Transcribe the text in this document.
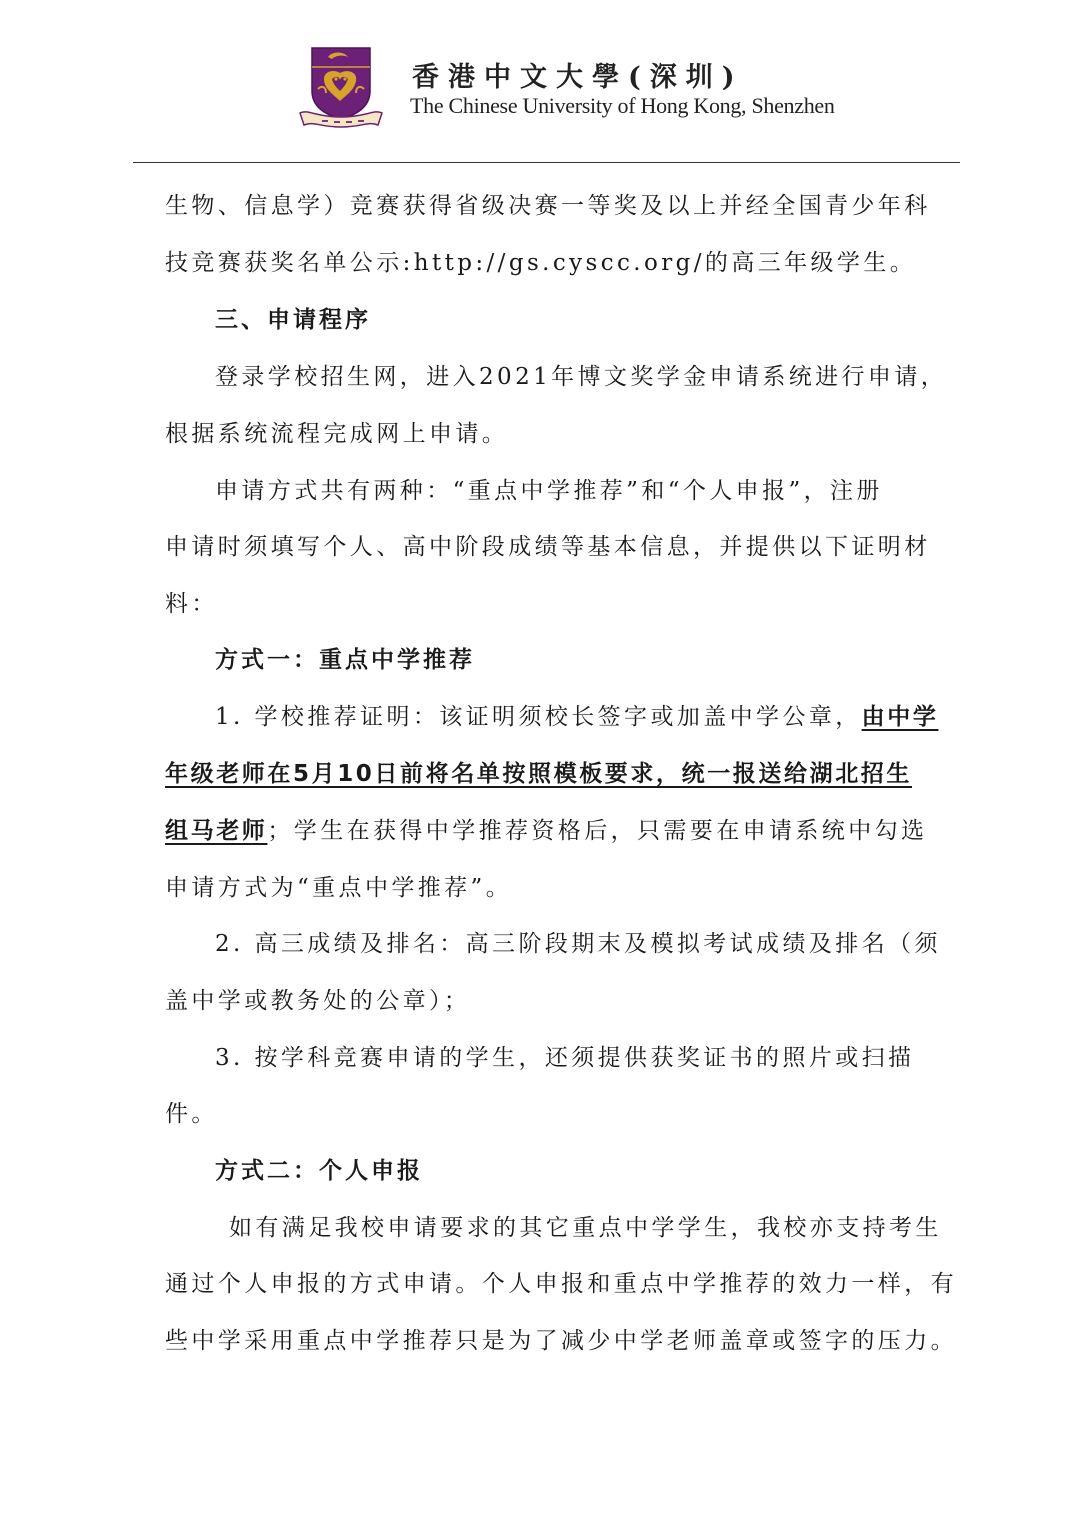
香港中文大學(深圳)
The Chinese University of Hong Kong, Shenzhen
生物、信息学）竞赛获得省级决赛一等奖及以上并经全国青少年科
技竞赛获奖名单公示:http://gs.cyscc.org/的高三年级学生。
三、申请程序
登录学校招生网，进入2021年博文奖学金申请系统进行申请，
根据系统流程完成网上申请。
申请方式共有两种：“重点中学推荐”和“个人申报”，注册
申请时须填写个人、高中阶段成绩等基本信息，并提供以下证明材
料：
方式一：重点中学推荐
1. 学校推荐证明：该证明须校长签字或加盖中学公章，由中学
年级老师在5月10日前将名单按照模板要求，统一报送给湖北招生
组马老师；学生在获得中学推荐资格后，只需要在申请系统中勾选
申请方式为“重点中学推荐”。
2. 高三成绩及排名：高三阶段期末及模拟考试成绩及排名（须
盖中学或教务处的公章）；
3. 按学科竞赛申请的学生，还须提供获奖证书的照片或扫描
件。
方式二：个人申报
如有满足我校申请要求的其它重点中学学生，我校亦支持考生
通过个人申报的方式申请。个人申报和重点中学推荐的效力一样，有
些中学采用重点中学推荐只是为了减少中学老师盖章或签字的压力。
